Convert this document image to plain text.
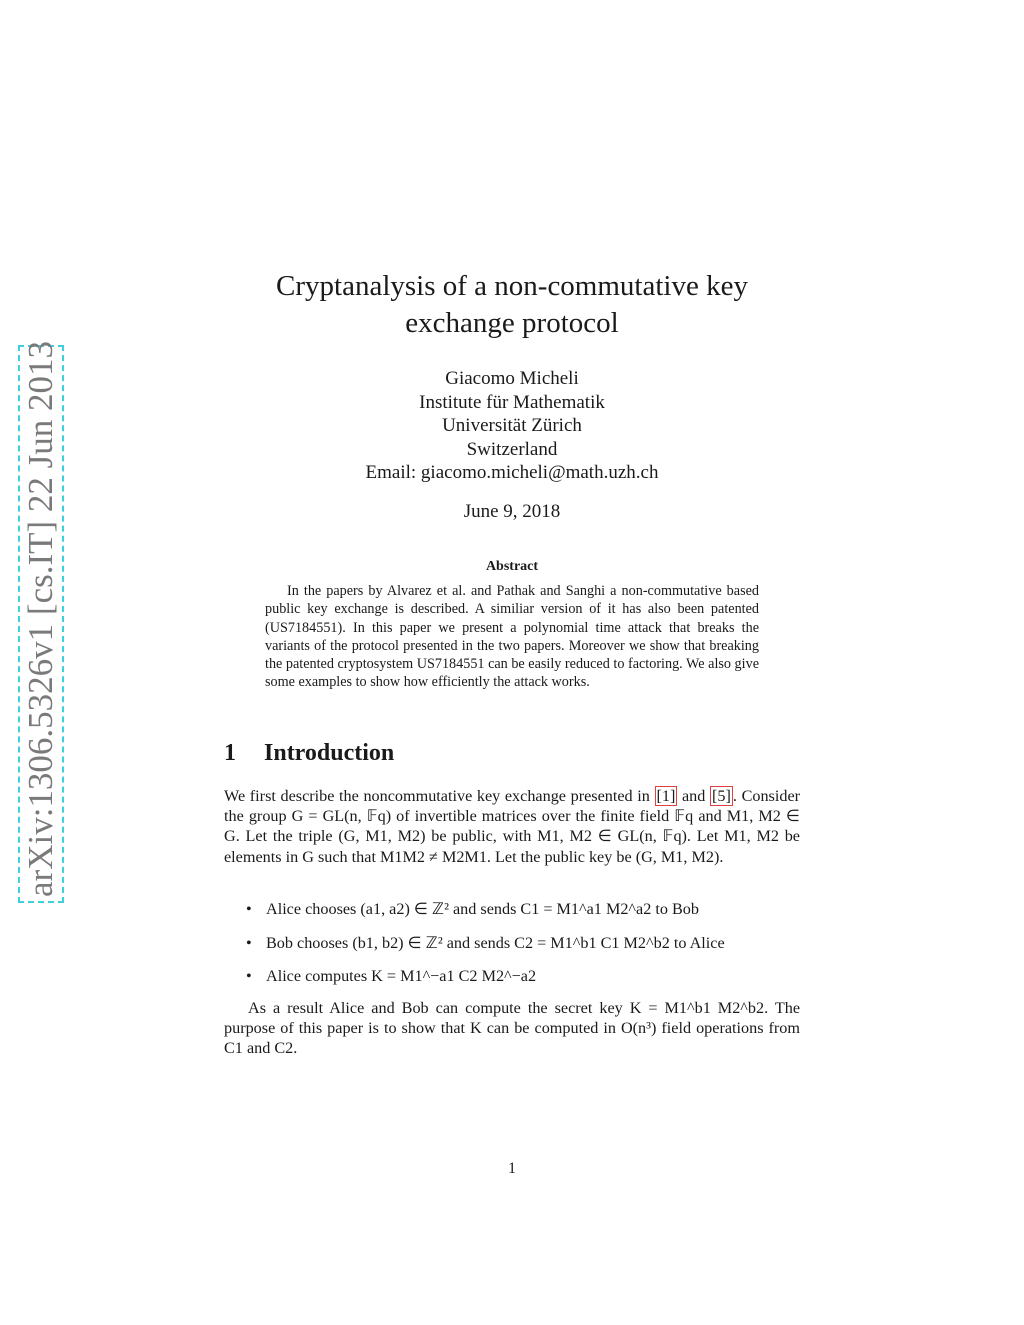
arXiv:1306.5326v1 [cs.IT] 22 Jun 2013
Cryptanalysis of a non-commutative key
exchange protocol
Giacomo Micheli
Institute für Mathematik
Universität Zürich
Switzerland
Email: giacomo.micheli@math.uzh.ch
June 9, 2018
Abstract

In the papers by Alvarez et al. and Pathak and Sanghi a non-commutative based public key exchange is described. A similiar version of it has also been patented (US7184551). In this paper we present a polynomial time attack that breaks the variants of the protocol presented in the two papers. Moreover we show that breaking the patented cryptosystem US7184551 can be easily reduced to factoring. We also give some examples to show how efficiently the attack works.

1 Introduction

We first describe the noncommutative key exchange presented in [1] and [5] . Consider the group G = GL(n, 𝔽q) of invertible matrices over the finite field 𝔽q and M1, M2 ∈ G. Let the triple (G, M1, M2) be public, with M1, M2 ∈ GL(n, 𝔽q). Let M1, M2 be elements in G such that M1M2 ≠ M2M1. Let the public key be (G, M1, M2).

• Alice chooses (a1, a2) ∈ ℤ² and sends C1 = M1^a1 M2^a2 to Bob
• Bob chooses (b1, b2) ∈ ℤ² and sends C2 = M1^b1 C1 M2^b2 to Alice
• Alice computes K = M1^−a1 C2 M2^−a2

As a result Alice and Bob can compute the secret key K = M1^b1 M2^b2. The purpose of this paper is to show that K can be computed in O(n³) field operations from C1 and C2.

1
